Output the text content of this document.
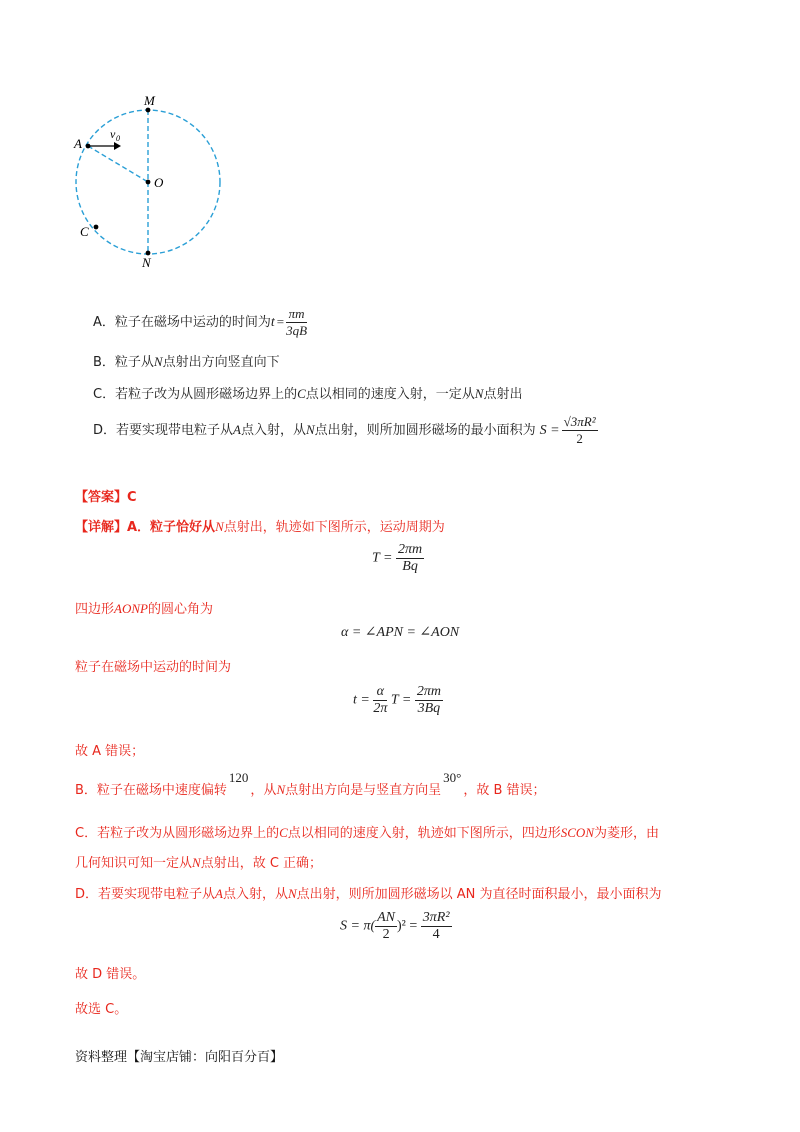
M
A
v 0
O
C
N
A．粒子在磁场中运动的时间为$t = \frac{\pi m}{3qB}$
B．粒子从N点射出方向竖直向下
C．若粒子改为从圆形磁场边界上的C点以相同的速度入射，一定从N点射出
D．若要实现带电粒子从A点入射，从N点出射，则所加圆形磁场的最小面积为 $S = \frac{\text{√3πR²}}{2}$
【答案】C
【详解】A．粒子恰好从N点射出，轨迹如下图所示，运动周期为
$T = \frac{2\pi m}{Bq}$
四边形AONP的圆心角为
α = ∠APN = ∠AON
粒子在磁场中运动的时间为
$t = \frac{\alpha}{2\pi}$ $T = \frac{2\pi m}{3Bq}$
故 A 错误；
B．粒子在磁场中速度偏转120，从N点射出方向是与竖直方向呈30°，故 B 错误；
C．若粒子改为从圆形磁场边界上的C点以相同的速度入射，轨迹如下图所示，四边形SCON为菱形，由
几何知识可知一定从N点射出，故 C 正确；
D．若要实现带电粒子从A点入射，从N点出射，则所加圆形磁场以 AN 为直径时面积最小，最小面积为
$S = \pi( \frac{AN}{2} )^2 = \frac{\text{3πR²}}{4}$
故 D 错误。
故选 C。
资料整理【淘宝店铺：向阳百分百】
